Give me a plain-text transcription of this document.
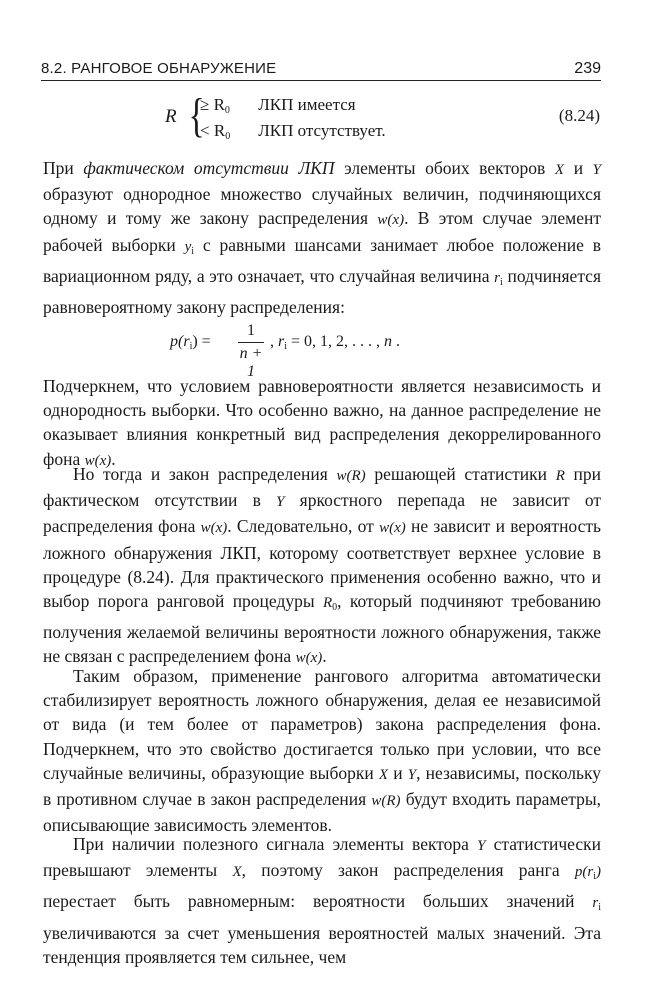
8.2. РАНГОВОЕ ОБНАРУЖЕНИЕ	239
R {
≥ $R_0$ ЛКП имеется
< $R_0$ ЛКП отсутствует.
(8.24)

При фактическом отсутствии ЛКП элементы обоих векторов X и Y образуют однородное множество случайных величин, подчиняющихся одному и тому же закону распределения w(x). В этом случае элемент рабочей выборки $y_i$ с равными шансами занимает любое положение в вариационном ряду, а это означает, что случайная величина $r_i$ подчиняется равновероятному закону распределения:

$p(r_i)$ =
1
n + 1
, $r_i = 0$, 1, 2, . . . , n .

Подчеркнем, что условием равновероятности является независимость и однородность выборки. Что особенно важно, на данное распределение не оказывает влияния конкретный вид распределения декоррелированного фона w(x).

Но тогда и закон распределения w(R) решающей статистики R при фактическом отсутствии в Y яркостного перепада не зависит от распределения фона w(x). Следовательно, от w(x) не зависит и вероятность ложного обнаружения ЛКП, которому соответствует верхнее условие в процедуре (8.24). Для практического применения особенно важно, что и выбор порога ранговой процедуры $R_0$, который подчиняют требованию получения желаемой величины вероятности ложного обнаружения, также не связан с распределением фона w(x).

Таким образом, применение рангового алгоритма автоматически стабилизирует вероятность ложного обнаружения, делая ее независимой от вида (и тем более от параметров) закона распределения фона. Подчеркнем, что это свойство достигается только при условии, что все случайные величины, образующие выборки X и Y, независимы, поскольку в противном случае в закон распределения w(R) будут входить параметры, описывающие зависимость элементов.

При наличии полезного сигнала элементы вектора Y статистически превышают элементы X, поэтому закон распределения ранга $p(r_i)$ перестает быть равномерным: вероятности больших значений $r_i$ увеличиваются за счет уменьшения вероятностей малых значений. Эта тенденция проявляется тем сильнее, чем
